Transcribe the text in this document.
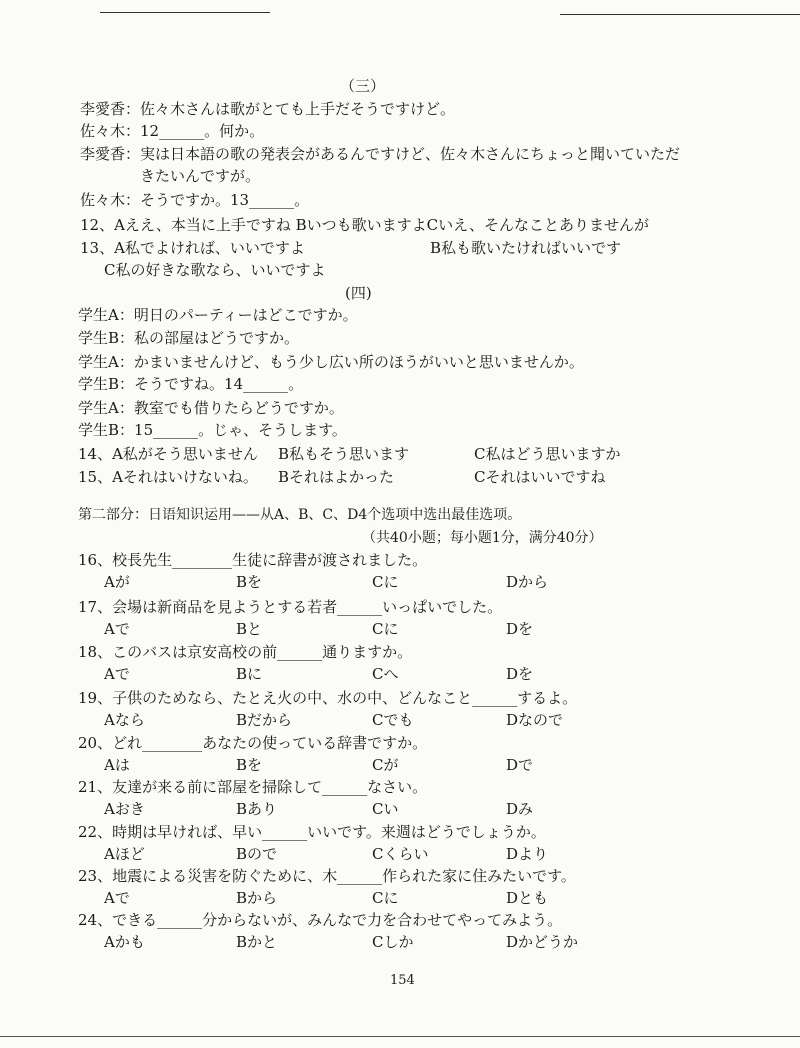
（三）
李愛香：佐々木さんは歌がとても上手だそうですけど。
佐々木：12______。何か。
李愛香：実は日本語の歌の発表会があるんですけど、佐々木さんにちょっと聞いていただ
きたいんですが。
佐々木：そうですか。13______。
12、Aええ、本当に上手ですね Bいつも歌いますよCいえ、そんなことありませんが
13、A私でよければ、いいですよ	B私も歌いたければいいです
C私の好きな歌なら、いいですよ
(四)
学生A：明日のパーティーはどこですか。
学生B：私の部屋はどうですか。
学生A：かまいませんけど、もう少し広い所のほうがいいと思いませんか。
学生B：そうですね。14______。
学生A：教室でも借りたらどうですか。
学生B：15______。じゃ、そうします。
14、A私がそう思いません B私もそう思います	C私はどう思いますか
15、Aそれはいけないね。 Bそれはよかった	Cそれはいいですね
第二部分：日语知识运用——从A、B、C、D4个选项中选出最佳选项。
（共40小题；每小题1分，满分40分）
16、校長先生________生徒に辞書が渡されました。
Aが	Bを	Cに	Dから
17、会場は新商品を見ようとする若者______いっぱいでした。
Aで	Bと	Cに	Dを
18、このバスは京安高校の前______通りますか。
Aで	Bに	Cへ	Dを
19、子供のためなら、たとえ火の中、水の中、どんなこと______するよ。
Aなら	Bだから	Cでも	Dなので
20、どれ________あなたの使っている辞書ですか。
Aは	Bを	Cが	Dで
21、友達が来る前に部屋を掃除して______なさい。
Aおき	Bあり	Cい	Dみ
22、時期は早ければ、早い______いいです。来週はどうでしょうか。
Aほど	Bので	Cくらい	Dより
23、地震による災害を防ぐために、木______作られた家に住みたいです。
Aで	Bから	Cに	Dとも
24、できる______分からないが、みんなで力を合わせてやってみよう。
Aかも	Bかと	Cしか	Dかどうか
154
